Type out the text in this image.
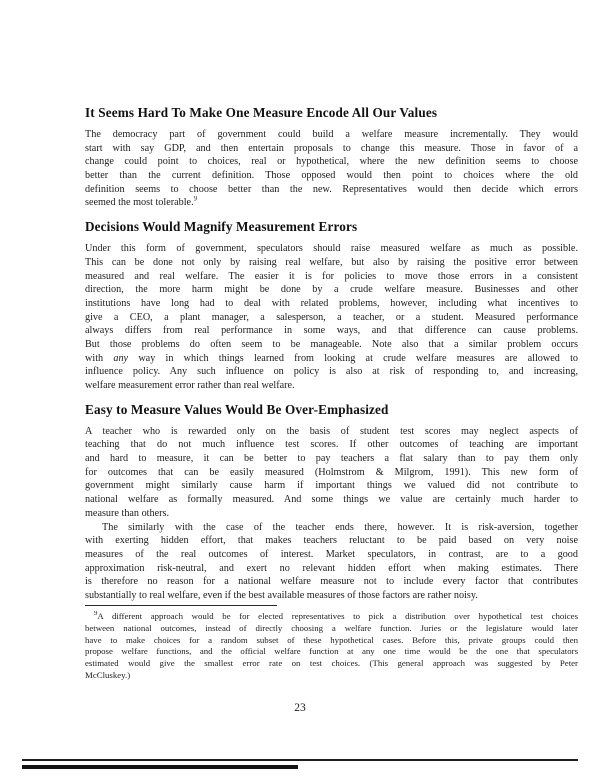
It Seems Hard To Make One Measure Encode All Our Values
The democracy part of government could build a welfare measure incrementally. They would
start with say GDP, and then entertain proposals to change this measure. Those in favor of a
change could point to choices, real or hypothetical, where the new definition seems to choose
better than the current definition. Those opposed would then point to choices where the old
definition seems to choose better than the new. Representatives would then decide which errors
seemed the most tolerable.$^9$
Decisions Would Magnify Measurement Errors
Under this form of government, speculators should raise measured welfare as much as possible.
This can be done not only by raising real welfare, but also by raising the positive error between
measured and real welfare. The easier it is for policies to move those errors in a consistent
direction, the more harm might be done by a crude welfare measure. Businesses and other
institutions have long had to deal with related problems, however, including what incentives to
give a CEO, a plant manager, a salesperson, a teacher, or a student. Measured performance
always differs from real performance in some ways, and that difference can cause problems.
But those problems do often seem to be manageable. Note also that a similar problem occurs
with any way in which things learned from looking at crude welfare measures are allowed to
influence policy. Any such influence on policy is also at risk of responding to, and increasing,
welfare measurement error rather than real welfare.
Easy to Measure Values Would Be Over-Emphasized
A teacher who is rewarded only on the basis of student test scores may neglect aspects of
teaching that do not much influence test scores. If other outcomes of teaching are important
and hard to measure, it can be better to pay teachers a flat salary than to pay them only
for outcomes that can be easily measured (Holmstrom & Milgrom, 1991). This new form of
government might similarly cause harm if important things we valued did not contribute to
national welfare as formally measured. And some things we value are certainly much harder to
measure than others.
The similarly with the case of the teacher ends there, however. It is risk-aversion, together
with exerting hidden effort, that makes teachers reluctant to be paid based on very noise
measures of the real outcomes of interest. Market speculators, in contrast, are to a good
approximation risk-neutral, and exert no relevant hidden effort when making estimates. There
is therefore no reason for a national welfare measure not to include every factor that contributes
substantially to real welfare, even if the best available measures of those factors are rather noisy.
$^9$A different approach would be for elected representatives to pick a distribution over hypothetical test choices
between national outcomes, instead of directly choosing a welfare function. Juries or the legislature would later
have to make choices for a random subset of these hypothetical cases. Before this, private groups could then
propose welfare functions, and the official welfare function at any one time would be the one that speculators
estimated would give the smallest error rate on test choices. (This general approach was suggested by Peter
McCluskey.)
23
